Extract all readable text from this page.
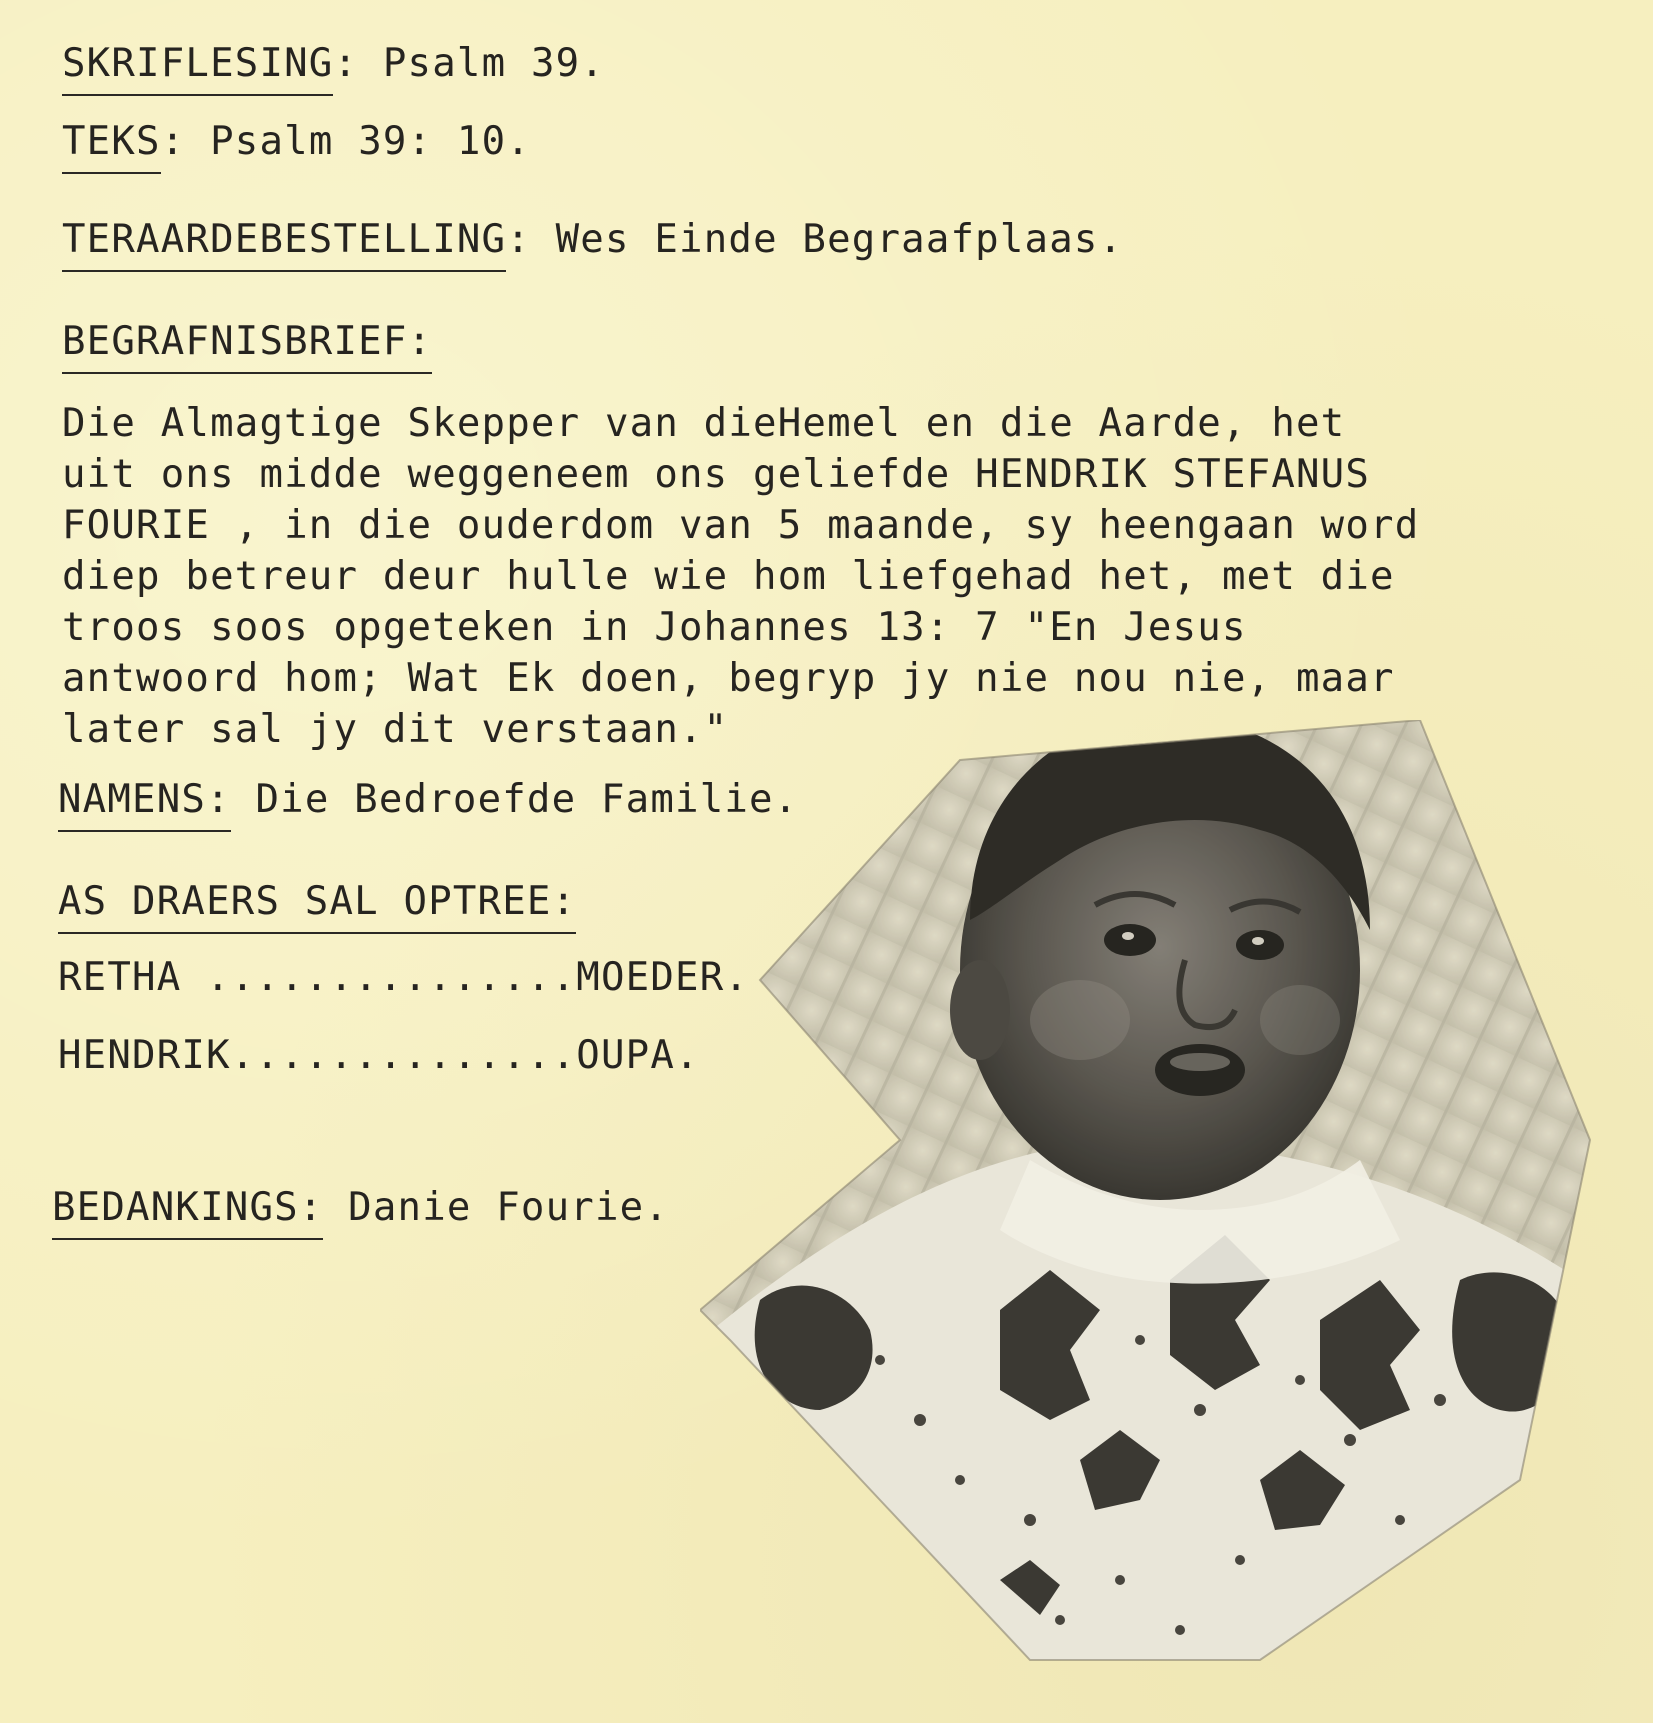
SKRIFLESING: Psalm 39.
TEKS: Psalm 39: 10.
TERAARDEBESTELLING: Wes Einde Begraafplaas.
BEGRAFNISBRIEF:
Die Almagtige Skepper van dieHemel en die Aarde, het
uit ons midde weggeneem ons geliefde HENDRIK STEFANUS
FOURIE , in die ouderdom van 5 maande, sy heengaan word
diep betreur deur hulle wie hom liefgehad het, met die
troos soos opgeteken in Johannes 13: 7 "En Jesus
antwoord hom; Wat Ek doen, begryp jy nie nou nie, maar
later sal jy dit verstaan."
NAMENS: Die Bedroefde Familie.
AS DRAERS SAL OPTREE:
RETHA ...............MOEDER.
HENDRIK..............OUPA.
BEDANKINGS: Danie Fourie.
